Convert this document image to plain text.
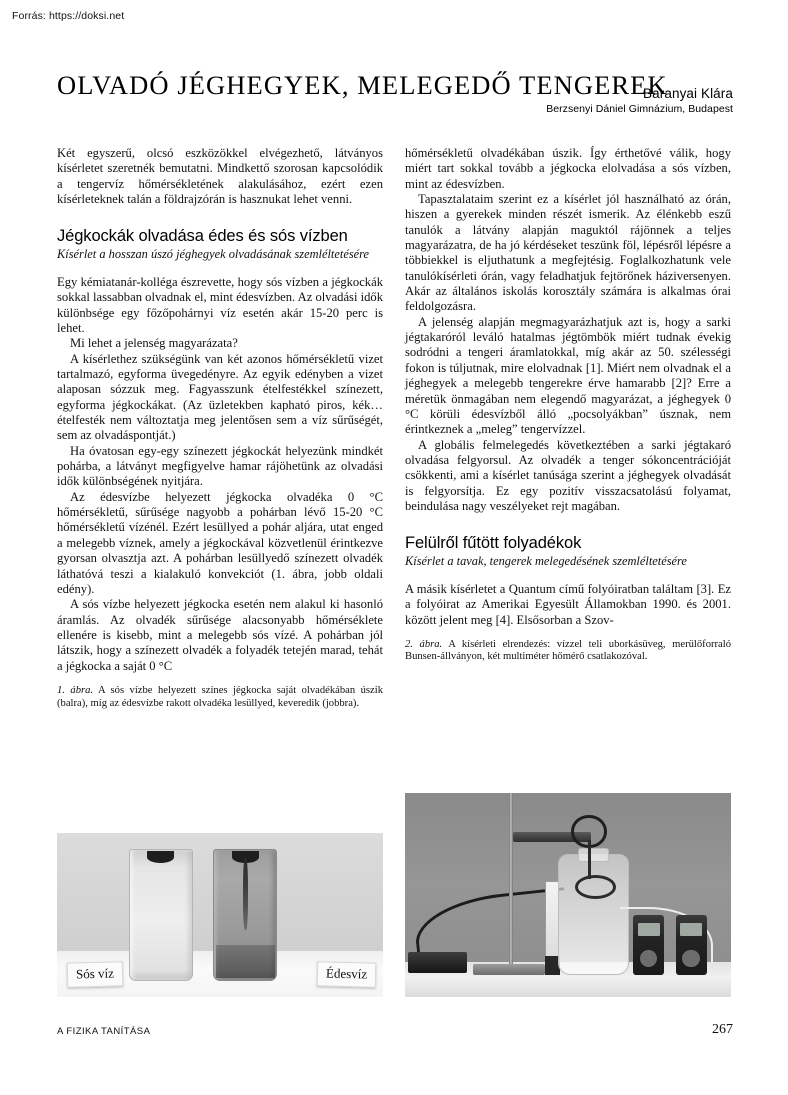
Forrás: https://doksi.net
OLVADÓ JÉGHEGYEK, MELEGEDŐ TENGEREK
Baranyai Klára
Berzsenyi Dániel Gimnázium, Budapest

Két egyszerű, olcsó eszközökkel elvégezhető, látványos kísérletet szeretnék bemutatni. Mindkettő szorosan kapcsolódik a tengervíz hőmérsékletének alakulásához, ezért ezen kísérleteknek talán a földrajzórán is hasznukat lehet venni.

Jégkockák olvadása édes és sós vízben
Kísérlet a hosszan úszó jéghegyek olvadásának szemléltetésére

Egy kémiatanár-kolléga észrevette, hogy sós vízben a jégkockák sokkal lassabban olvadnak el, mint édesvízben. Az olvadási idők különbsége egy főzőpohárnyi víz esetén akár 15-20 perc is lehet.

Mi lehet a jelenség magyarázata?

A kísérlethez szükségünk van két azonos hőmérsékletű vizet tartalmazó, egyforma üvegedényre. Az egyik edényben a vizet alaposan sózzuk meg. Fagyasszunk ételfestékkel színezett, egyforma jégkockákat. (Az üzletekben kapható piros, kék… ételfesték nem változtatja meg jelentősen sem a víz sűrűségét, sem az olvadáspontját.)

Ha óvatosan egy-egy színezett jégkockát helyezünk mindkét pohárba, a látványt megfigyelve hamar rájöhetünk az olvadási idők különbségének nyitjára.

Az édesvízbe helyezett jégkocka olvadéka 0 °C hőmérsékletű, sűrűsége nagyobb a pohárban lévő 15-20 °C hőmérsékletű vízénél. Ezért lesüllyed a pohár aljára, utat enged a melegebb víznek, amely a jégkockával közvetlenül érintkezve gyorsan olvasztja azt. A pohárban lesüllyedő színezett olvadék láthatóvá teszi a kialakuló konvekciót (1. ábra, jobb oldali edény).

A sós vízbe helyezett jégkocka esetén nem alakul ki hasonló áramlás. Az olvadék sűrűsége alacsonyabb hőmérséklete ellenére is kisebb, mint a melegebb sós vízé. A pohárban jól látszik, hogy a színezett olvadék a folyadék tetején marad, tehát a jégkocka a saját 0 °C

1. ábra. A sós vízbe helyezett színes jégkocka saját olvadékában úszik (balra), míg az édesvízbe rakott olvadéka lesüllyed, keveredik (jobbra).

hőmérsékletű olvadékában úszik. Így érthetővé válik, hogy miért tart sokkal tovább a jégkocka elolvadása a sós vízben, mint az édesvízben.

Tapasztalataim szerint ez a kísérlet jól használható az órán, hiszen a gyerekek minden részét ismerik. Az élénkebb eszű tanulók a látvány alapján maguktól rájönnek a teljes magyarázatra, de ha jó kérdéseket teszünk föl, lépésről lépésre a többiekkel is eljuthatunk a megfejtésig. Foglalkozhatunk vele tanulókísérleti órán, vagy feladhatjuk fejtörőnek háziversenyen. Akár az általános iskolás korosztály számára is alkalmas órai feldolgozásra.

A jelenség alapján megmagyarázhatjuk azt is, hogy a sarki jégtakaróról leváló hatalmas jégtömbök miért tudnak évekig sodródni a tengeri áramlatokkal, míg akár az 50. szélességi fokon is túljutnak, mire elolvadnak [1]. Miért nem olvadnak el a jéghegyek a melegebb tengerekre érve hamarabb [2]? Erre a méretük önmagában nem elegendő magyarázat, a jéghegyek 0 °C körüli édesvízből álló „pocsolyákban” úsznak, nem érintkeznek a „meleg” tengervízzel.

A globális felmelegedés következtében a sarki jégtakaró olvadása felgyorsul. Az olvadék a tenger sókoncentrációját csökkenti, ami a kísérlet tanúsága szerint a jéghegyek olvadását is felgyorsítja. Ez egy pozitív visszacsatolású folyamat, beindulása nagy veszélyeket rejt magában.

Felülről fűtött folyadékok
Kísérlet a tavak, tengerek melegedésének szemléltetésére

A másik kísérletet a Quantum című folyóiratban találtam [3]. Ez a folyóirat az Amerikai Egyesült Államokban 1990. és 2001. között jelent meg [4]. Elsősorban a Szov-

2. ábra. A kísérleti elrendezés: vízzel teli uborkásüveg, merülőforraló Bunsen-állványon, két multiméter hőmérő csatlakozóval.

Sós víz	Édesvíz
A FIZIKA TANÍTÁSA	267
